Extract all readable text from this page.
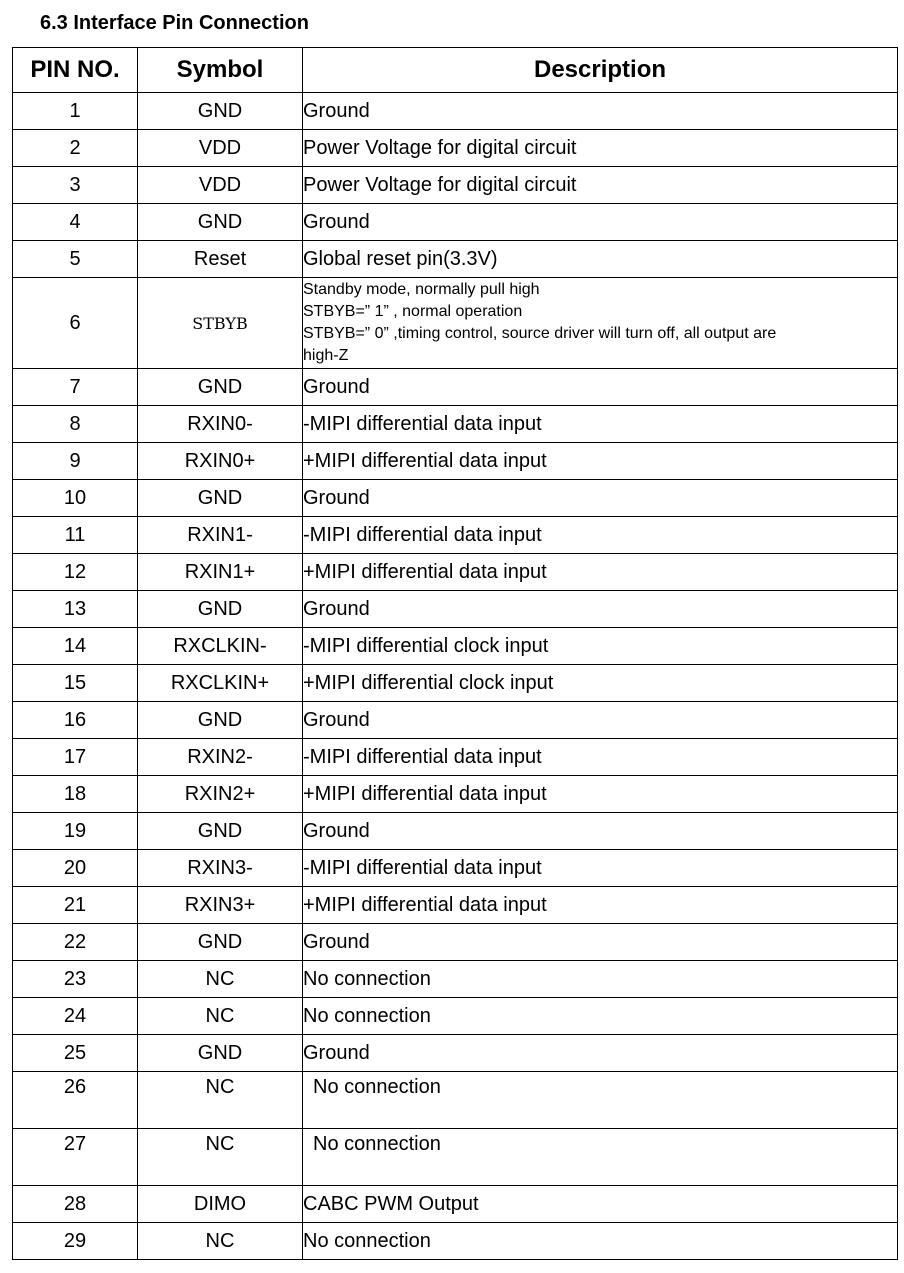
6.3 Interface Pin Connection
PIN NO.	Symbol	Description
1	GND	Ground
2	VDD	Power Voltage for digital circuit
3	VDD	Power Voltage for digital circuit
4	GND	Ground
5	Reset	Global reset pin(3.3V)
6	STBYB	Standby mode, normally pull high
STBYB=” 1” , normal operation
STBYB=” 0” ,timing control, source driver will turn off, all output are
high-Z

7	GND	Ground
8	RXIN0-	-MIPI differential data input
9	RXIN0+	+MIPI differential data input
10	GND	Ground
11	RXIN1-	-MIPI differential data input
12	RXIN1+	+MIPI differential data input
13	GND	Ground
14	RXCLKIN-	-MIPI differential clock input
15	RXCLKIN+	+MIPI differential clock input
16	GND	Ground
17	RXIN2-	-MIPI differential data input
18	RXIN2+	+MIPI differential data input
19	GND	Ground
20	RXIN3-	-MIPI differential data input
21	RXIN3+	+MIPI differential data input
22	GND	Ground
23	NC	No connection
24	NC	No connection
25	GND	Ground
26	NC	No connection
27	NC	No connection
28	DIMO	CABC PWM Output
29	NC	No connection
